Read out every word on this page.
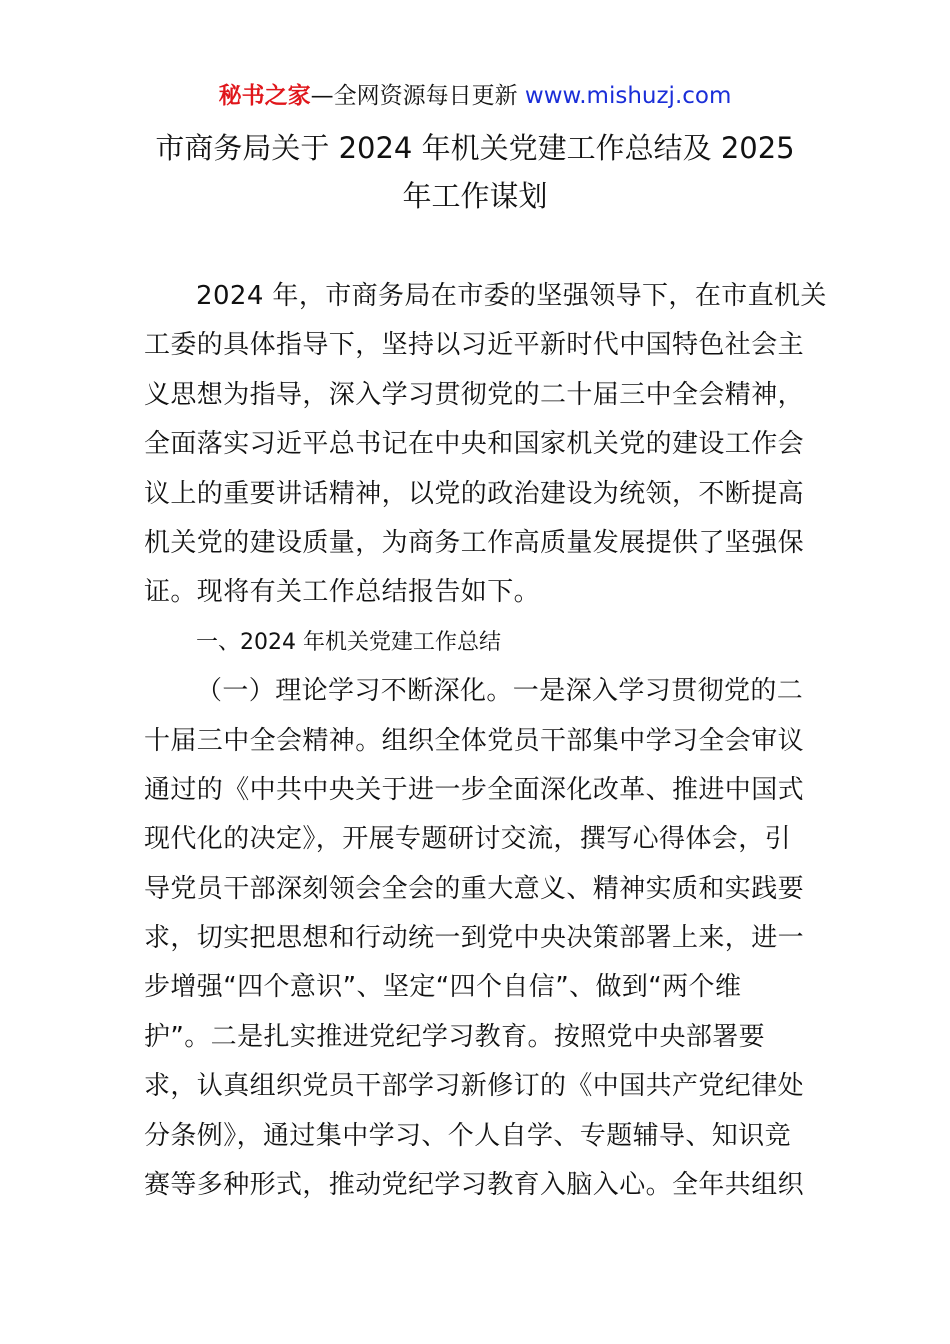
秘书之家—全网资源每日更新 www.mishuzj.com
市商务局关于 2024 年机关党建工作总结及 2025
年工作谋划
2024 年，市商务局在市委的坚强领导下，在市直机关
工委的具体指导下，坚持以习近平新时代中国特色社会主
义思想为指导，深入学习贯彻党的二十届三中全会精神，
全面落实习近平总书记在中央和国家机关党的建设工作会
议上的重要讲话精神，以党的政治建设为统领，不断提高
机关党的建设质量，为商务工作高质量发展提供了坚强保
证。现将有关工作总结报告如下。
一、2024 年机关党建工作总结
（一）理论学习不断深化。一是深入学习贯彻党的二
十届三中全会精神。组织全体党员干部集中学习全会审议
通过的《中共中央关于进一步全面深化改革、推进中国式
现代化的决定》，开展专题研讨交流，撰写心得体会，引
导党员干部深刻领会全会的重大意义、精神实质和实践要
求，切实把思想和行动统一到党中央决策部署上来，进一
步增强“四个意识”、坚定“四个自信”、做到“两个维
护”。二是扎实推进党纪学习教育。按照党中央部署要
求，认真组织党员干部学习新修订的《中国共产党纪律处
分条例》，通过集中学习、个人自学、专题辅导、知识竞
赛等多种形式，推动党纪学习教育入脑入心。全年共组织
